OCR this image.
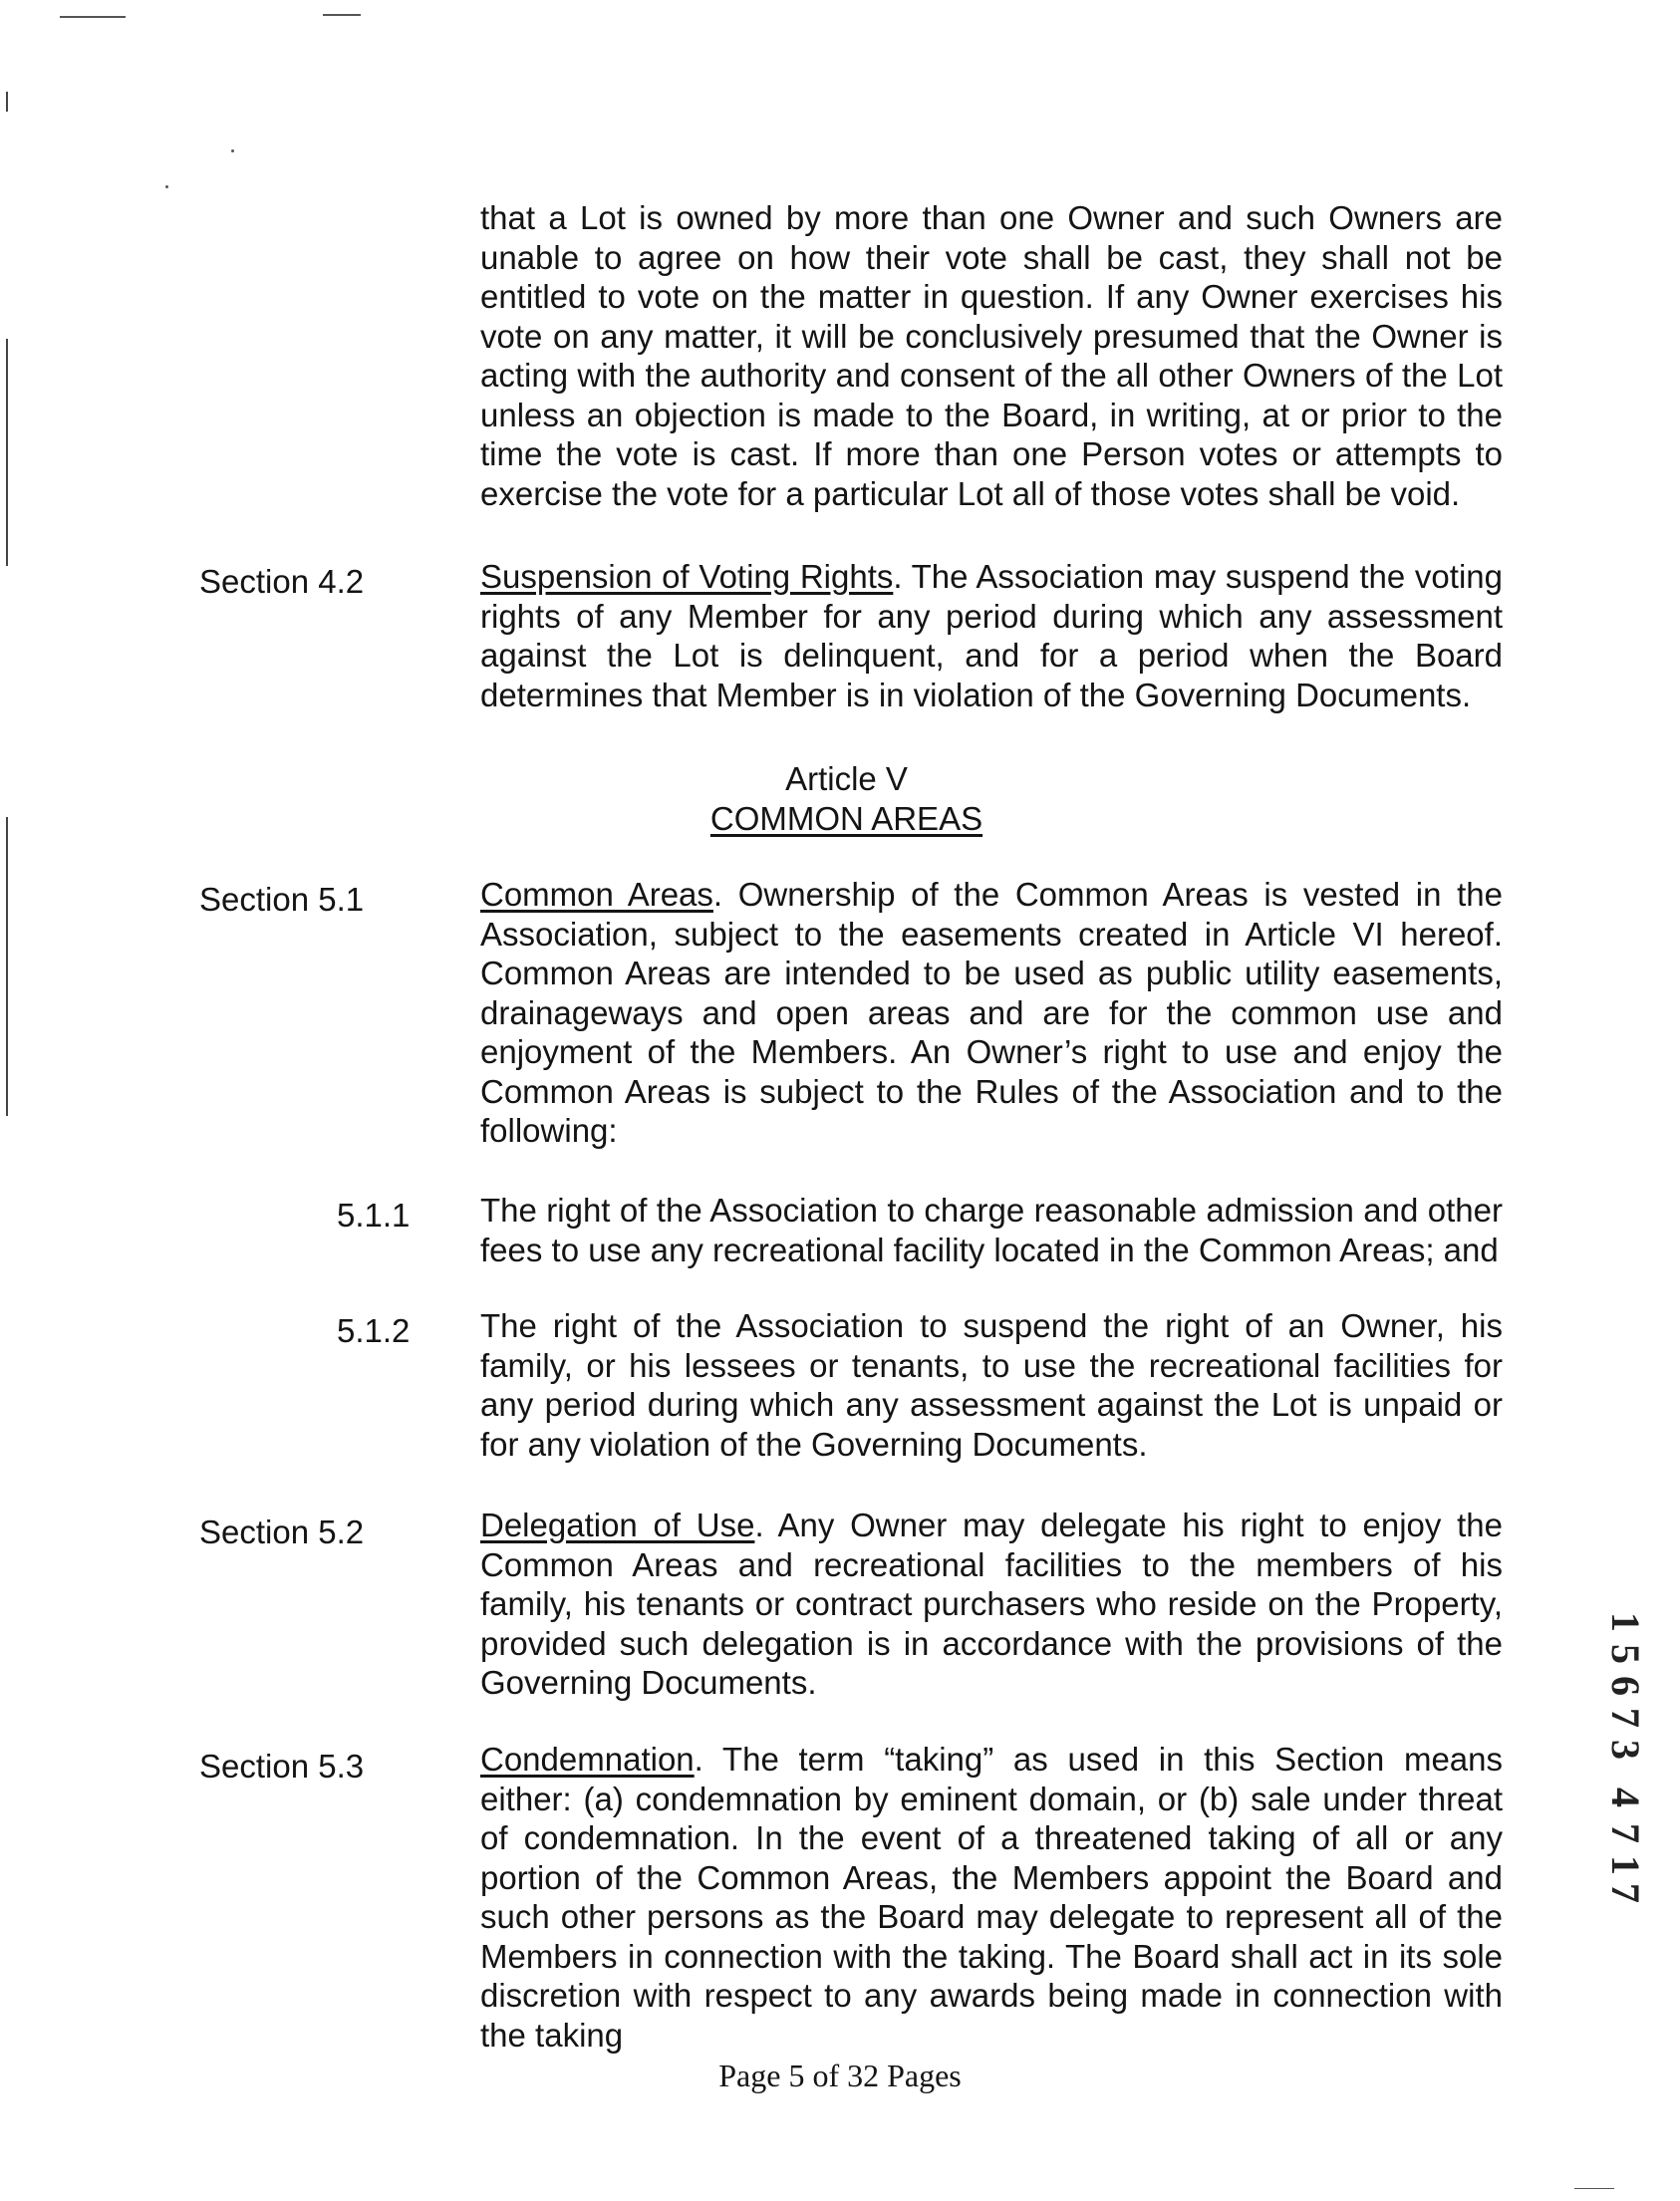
that a Lot is owned by more than one Owner and such Owners are unable to agree on how their vote shall be cast, they shall not be entitled to vote on the matter in question. If any Owner exercises his vote on any matter, it will be conclusively presumed that the Owner is acting with the authority and consent of the all other Owners of the Lot unless an objection is made to the Board, in writing, at or prior to the time the vote is cast. If more than one Person votes or attempts to exercise the vote for a particular Lot all of those votes shall be void.
Section 4.2	Suspension of Voting Rights. The Association may suspend the voting rights of any Member for any period during which any assessment against the Lot is delinquent, and for a period when the Board determines that Member is in violation of the Governing Documents.
Article V
COMMON AREAS
Section 5.1	Common Areas. Ownership of the Common Areas is vested in the Association, subject to the easements created in Article VI hereof. Common Areas are intended to be used as public utility easements, drainageways and open areas and are for the common use and enjoyment of the Members. An Owner’s right to use and enjoy the Common Areas is subject to the Rules of the Association and to the following:
5.1.1 The right of the Association to charge reasonable admission and other fees to use any recreational facility located in the Common Areas; and
5.1.2 The right of the Association to suspend the right of an Owner, his family, or his lessees or tenants, to use the recreational facilities for any period during which any assessment against the Lot is unpaid or for any violation of the Governing Documents.
Section 5.2	Delegation of Use. Any Owner may delegate his right to enjoy the Common Areas and recreational facilities to the members of his family, his tenants or contract purchasers who reside on the Property, provided such delegation is in accordance with the provisions of the Governing Documents.
Section 5.3	Condemnation. The term “taking” as used in this Section means either: (a) condemnation by eminent domain, or (b) sale under threat of condemnation. In the event of a threatened taking of all or any portion of the Common Areas, the Members appoint the Board and such other persons as the Board may delegate to represent all of the Members in connection with the taking. The Board shall act in its sole discretion with respect to any awards being made in connection with the taking
Page 5 of 32 Pages
1
5
6
7
3
4
7
1
7
